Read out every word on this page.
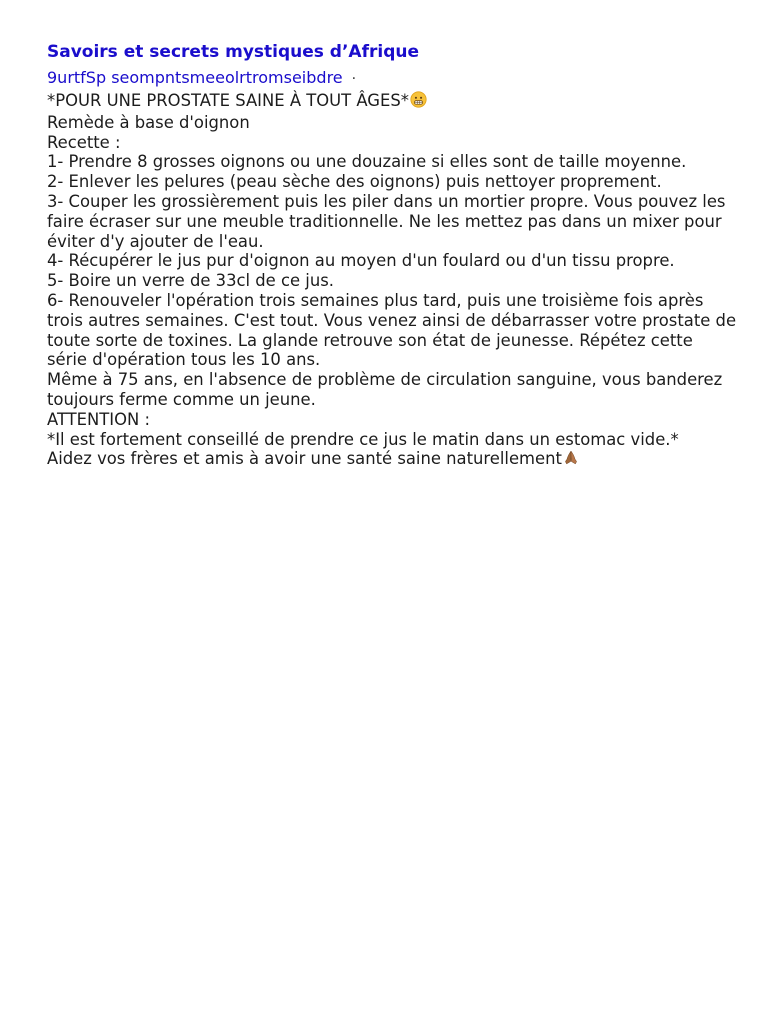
Savoirs et secrets mystiques d’Afrique
9urtfSp seompntsmeeolrtromseibdre ·
*POUR UNE PROSTATE SAINE À TOUT ÂGES*
Remède à base d'oignon
Recette :
1- Prendre 8 grosses oignons ou une douzaine si elles sont de taille moyenne.
2- Enlever les pelures (peau sèche des oignons) puis nettoyer proprement.
3- Couper les grossièrement puis les piler dans un mortier propre. Vous pouvez les faire écraser sur une meuble traditionnelle. Ne les mettez pas dans un mixer pour éviter d'y ajouter de l'eau.
4- Récupérer le jus pur d'oignon au moyen d'un foulard ou d'un tissu propre.
5- Boire un verre de 33cl de ce jus.
6- Renouveler l'opération trois semaines plus tard, puis une troisième fois après trois autres semaines. C'est tout. Vous venez ainsi de débarrasser votre prostate de toute sorte de toxines. La glande retrouve son état de jeunesse. Répétez cette série d'opération tous les 10 ans.
Même à 75 ans, en l'absence de problème de circulation sanguine, vous banderez toujours ferme comme un jeune.
ATTENTION :
*Il est fortement conseillé de prendre ce jus le matin dans un estomac vide.*
Aidez vos frères et amis à avoir une santé saine naturellement
